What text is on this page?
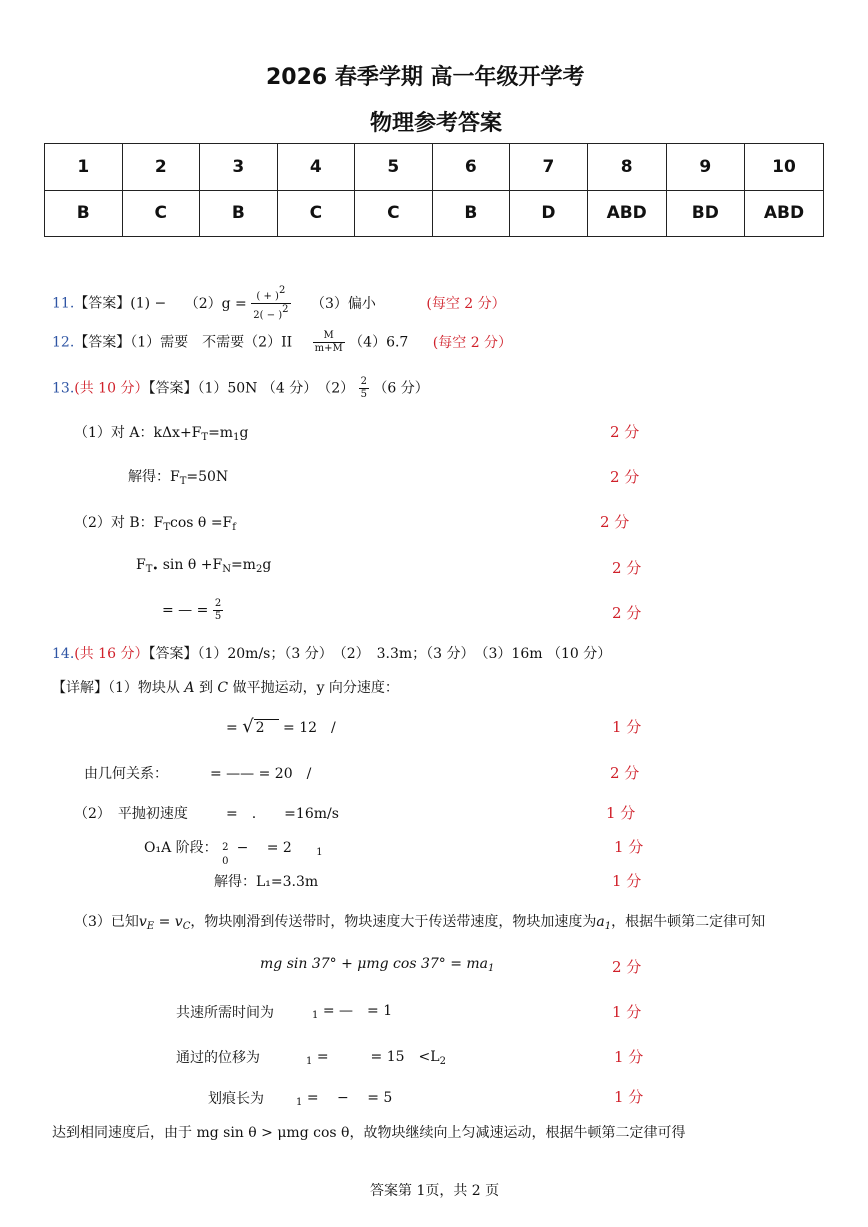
2026 春季学期 高一年级开学考
物理参考答案
1	2	3	4	5	6	7	8	9	10
B	C	B	C	C	B	D	ABD	BD	ABD
11.【答案】$(1) - (2)g = \frac{( + )2}{2( - )2} (3)$偏小	(每空 2 分）
12.【答案】（1）需要　不需要$(2)II \frac{M}{m+M} (4)6.7$ (每空 2 分）
13.(共 10 分）【答案】（1）50N （4 分）　$(2) \frac{2}{5} (6$ 分）
（1）对 A：$k\Delta x+F_T=m_1g$	2 分
解得：$F_T=50N$	2 分
（2）对 B：$F_T\cos$ $\theta =F_f$	2 分
$F_{T•}$ $\sin \theta +F_N=m_2g$	2 分
= — = $\frac{2}{5}$	2 分
14.(共 16 分）【答案】（1）20m/s；（3 分）　（2）　3.3m；（3 分）　（3）16m （10 分）
【详解】（1）物块从 A 到 C 做平抛运动，y 向分速度：
= √ 2 = 12　/	1 分
由几何关系：	= —— = 20　/	2 分
（2）　平抛初速度	=　.　　=16m/s	1 分
O₁A 阶段： 2
0
−　 = 2 $_1$	1 分
解得：L₁=3.3m	1 分
（3）已知$v_E = v_C$，物块刚滑到传送带时，物块速度大于传送带速度，物块加速度为$a_1$，根据牛顿第二定律可知
mg sin 37° + μmg $\cos 37^\circ = ma_1$	2 分
共速所需时间为	$_1$ = —　= 1	1 分
通过的位移为	$_1$ =　　　= 15　$<L_2$	1 分
划痕长为	$_1$ =　 −　 = 5	1 分
达到相同速度后，由于 mg sin θ > μmg cos θ，故物块继续向上匀减速运动，根据牛顿第二定律可得
答案第 1页，共 2 页
